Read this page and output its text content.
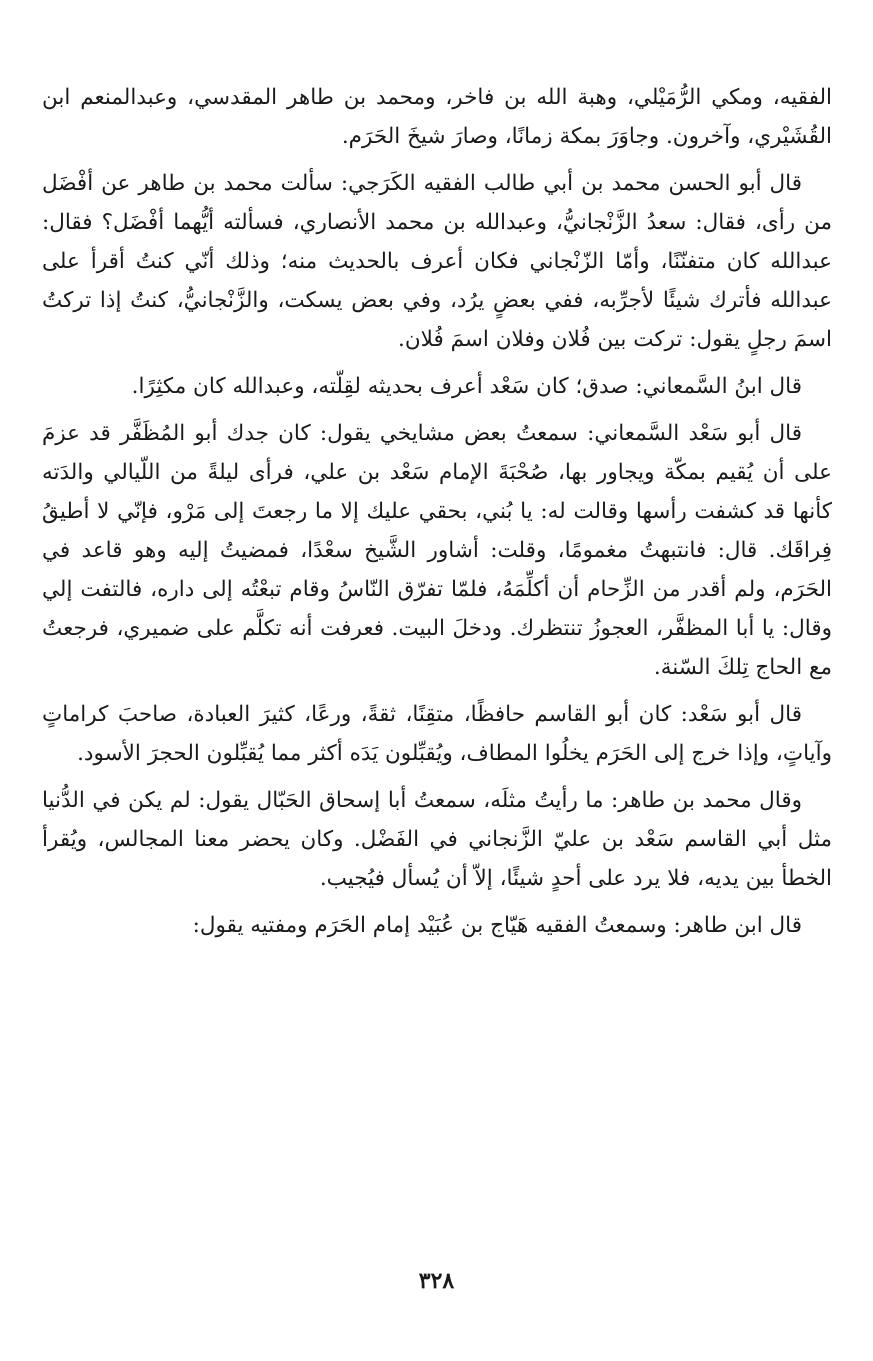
الفقيه، ومكي الرُّمَيْلي، وهبة الله بن فاخر، ومحمد بن طاهر المقدسي، وعبدالمنعم ابن القُشَيْري، وآخرون. وجاوَرَ بمكة زمانًا، وصارَ شيخَ الحَرَم.

قال أبو الحسن محمد بن أبي طالب الفقيه الكَرَجي: سألت محمد بن طاهر عن أفْضَل من رأى، فقال: سعدُ الزَّنْجانيُّ، وعبدالله بن محمد الأنصاري، فسألته أيُّهما أفْضَل؟ فقال: عبدالله كان متفنّنًا، وأمّا الزّنْجاني فكان أعرف بالحديث منه؛ وذلك أنّي كنتُ أقرأ على عبدالله فأترك شيئًا لأجرِّبه، ففي بعضٍ يرُد، وفي بعض يسكت، والزَّنْجانيُّ، كنتُ إذا تركتُ اسمَ رجلٍ يقول: تركت بين فُلان وفلان اسمَ فُلان.

قال ابنُ السَّمعاني: صدق؛ كان سَعْد أعرف بحديثه لقِلّته، وعبدالله كان مكثِرًا.

قال أبو سَعْد السَّمعاني: سمعتُ بعض مشايخي يقول: كان جدك أبو المُظَفَّر قد عزمَ على أن يُقيم بمكّة ويجاور بها، صُحْبَةَ الإمام سَعْد بن علي، فرأى ليلةً من اللّيالي والدَته كأنها قد كشفت رأسها وقالت له: يا بُني، بحقي عليك إلا ما رجعتَ إلى مَرْو، فإنّي لا أطيقُ فِراقَك. قال: فانتبهتُ مغمومًا، وقلت: أشاور الشَّيخ سعْدًا، فمضيتُ إليه وهو قاعد في الحَرَم، ولم أقدر من الزِّحام أن أكلِّمَهُ، فلمّا تفرّق النّاسُ وقام تبعْتُه إلى داره، فالتفت إلي وقال: يا أبا المظفَّر، العجوزُ تنتظرك. ودخلَ البيت. فعرفت أنه تكلَّم على ضميري، فرجعتُ مع الحاج تِلكَ السّنة.

قال أبو سَعْد: كان أبو القاسم حافظًا، متقِنًا، ثقةً، ورعًا، كثيرَ العبادة، صاحبَ كراماتٍ وآياتٍ، وإذا خرج إلى الحَرَم يخلُوا المطاف، ويُقبِّلون يَدَه أكثر مما يُقبِّلون الحجرَ الأسود.

وقال محمد بن طاهر: ما رأيتُ مثلَه، سمعتُ أبا إسحاق الحَبّال يقول: لم يكن في الدُّنيا مثل أبي القاسم سَعْد بن عليّ الزَّنجاني في الفَضْل. وكان يحضر معنا المجالس، ويُقرأ الخطأ بين يديه، فلا يرد على أحدٍ شيئًا، إلاّ أن يُسأل فيُجيب.

قال ابن طاهر: وسمعتُ الفقيه هَيّاج بن عُبَيْد إمام الحَرَم ومفتيه يقول:

٣٢٨
